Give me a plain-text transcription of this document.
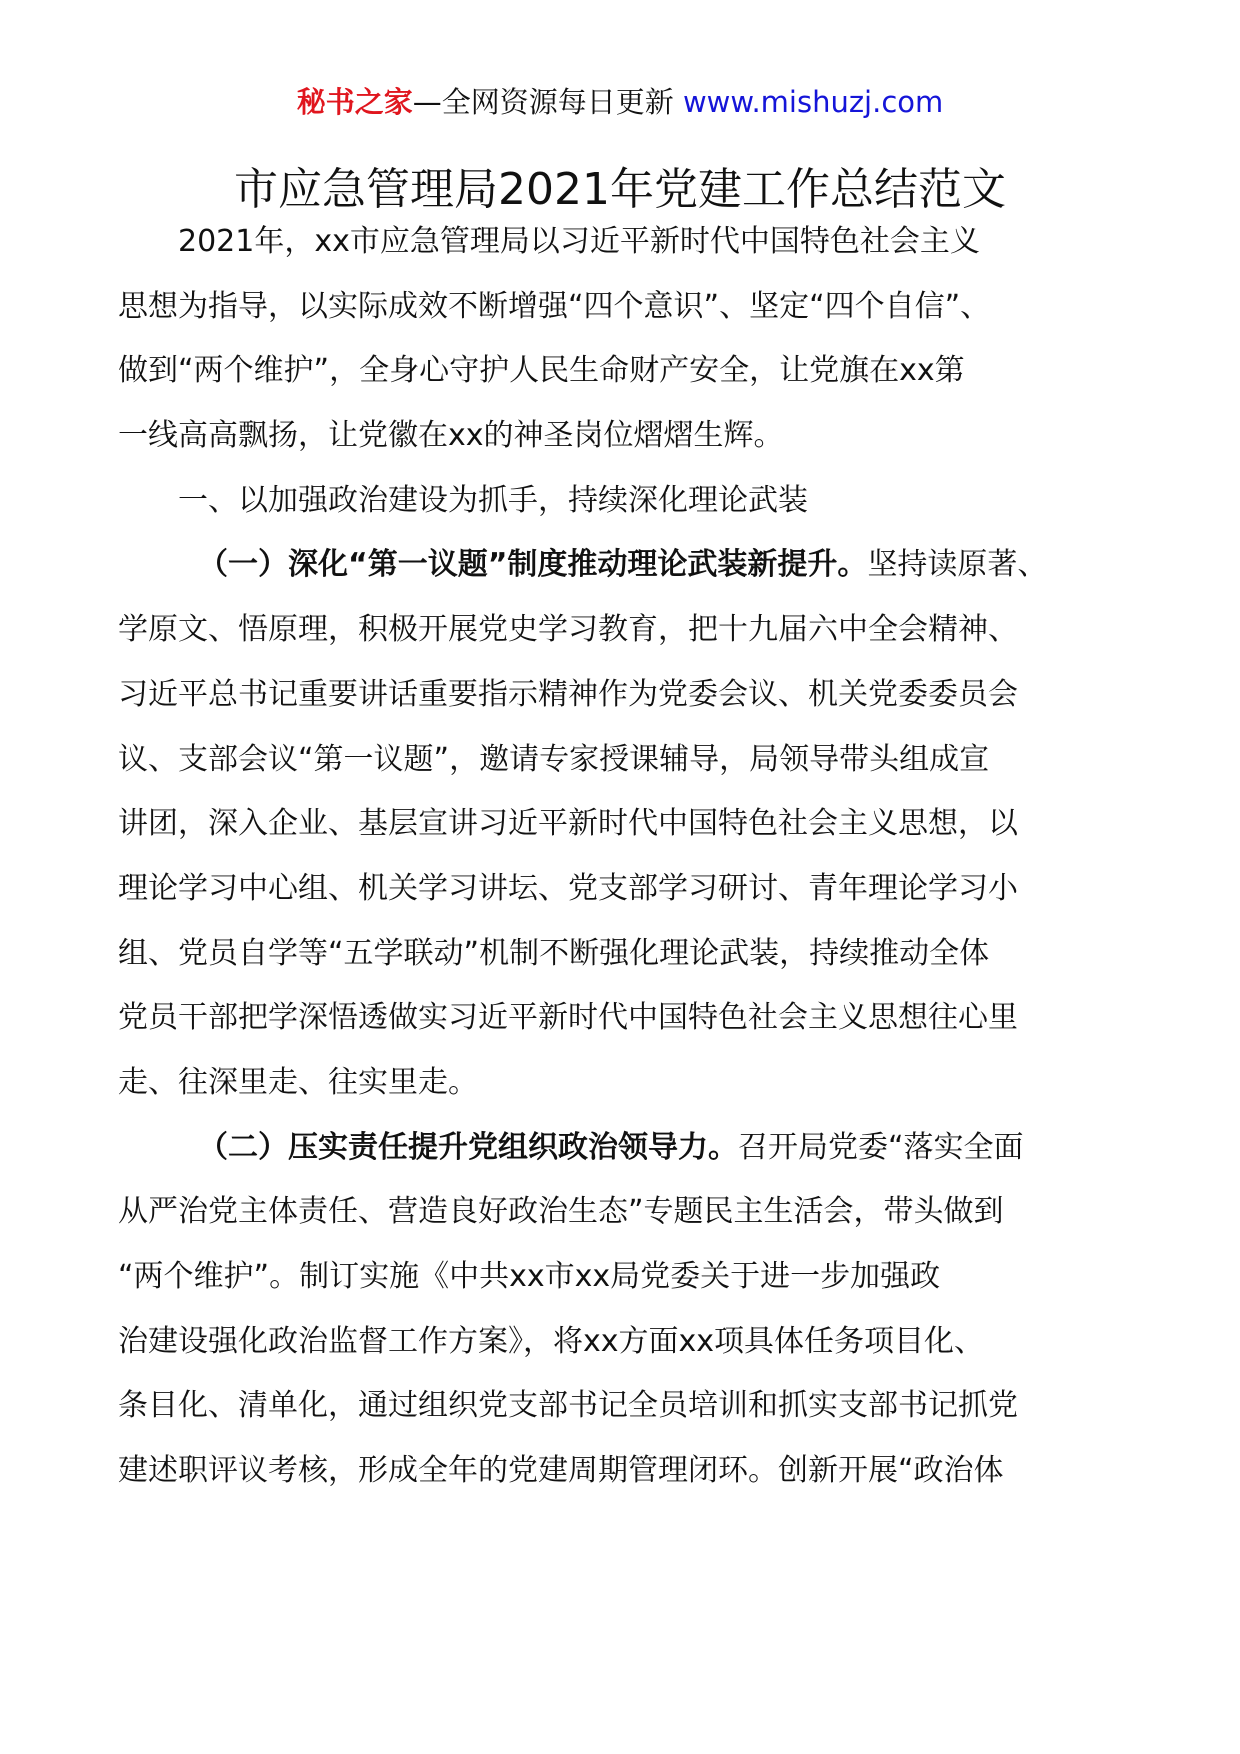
秘书之家—全网资源每日更新 www.mishuzj.com
市应急管理局2021年党建工作总结范文
2021年，xx市应急管理局以习近平新时代中国特色社会主义
思想为指导，以实际成效不断增强“四个意识”、坚定“四个自信”、
做到“两个维护”，全身心守护人民生命财产安全，让党旗在xx第
一线高高飘扬，让党徽在xx的神圣岗位熠熠生辉。
一、以加强政治建设为抓手，持续深化理论武装
（一）深化“第一议题”制度推动理论武装新提升。坚持读原著、
学原文、悟原理，积极开展党史学习教育，把十九届六中全会精神、
习近平总书记重要讲话重要指示精神作为党委会议、机关党委委员会
议、支部会议“第一议题”，邀请专家授课辅导，局领导带头组成宣
讲团，深入企业、基层宣讲习近平新时代中国特色社会主义思想，以
理论学习中心组、机关学习讲坛、党支部学习研讨、青年理论学习小
组、党员自学等“五学联动”机制不断强化理论武装，持续推动全体
党员干部把学深悟透做实习近平新时代中国特色社会主义思想往心里
走、往深里走、往实里走。
（二）压实责任提升党组织政治领导力。召开局党委“落实全面
从严治党主体责任、营造良好政治生态”专题民主生活会，带头做到
“两个维护”。制订实施《中共xx市xx局党委关于进一步加强政
治建设强化政治监督工作方案》，将xx方面xx项具体任务项目化、
条目化、清单化，通过组织党支部书记全员培训和抓实支部书记抓党
建述职评议考核，形成全年的党建周期管理闭环。创新开展“政治体
